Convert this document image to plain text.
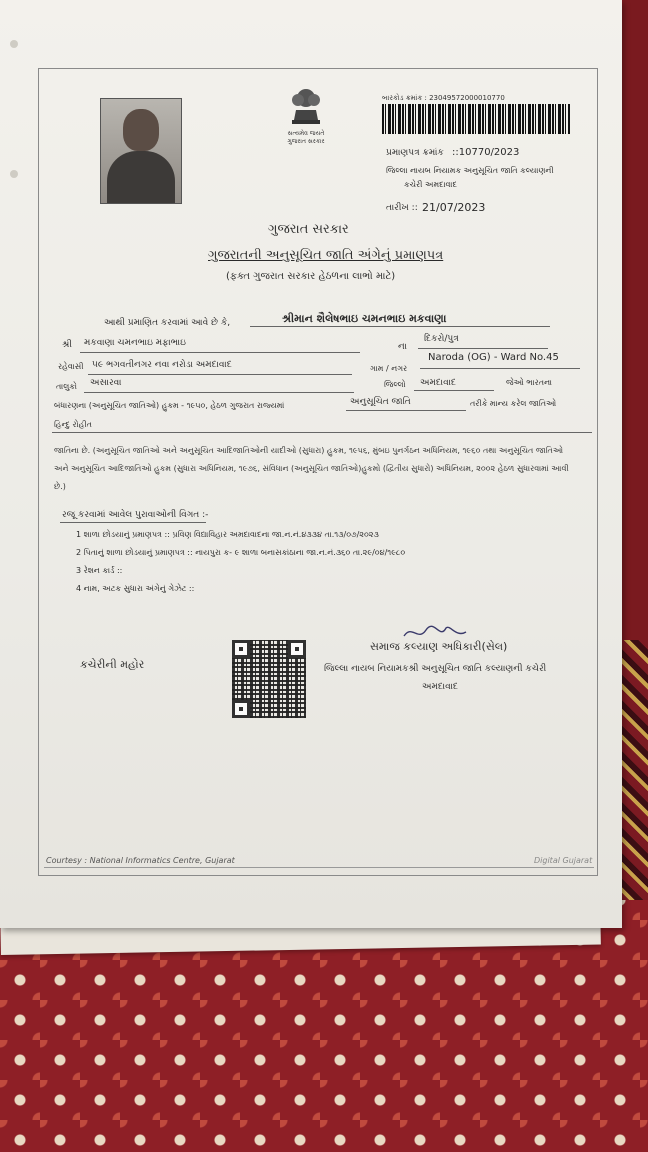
સત્યમેવ જયતે
ગુજરાત સરકાર
બારકોડ ક્રમાંક : 23049572000010770
પ્રમાણપત્ર ક્રમાંક ::10770/2023
જિલ્લા નાયબ નિયામક અનુસૂચિત જાતિ કલ્યાણની
કચેરી અમદાવાદ
તારીખ :: 21/07/2023
ગુજરાત સરકાર
ગુજરાતની અનુસૂચિત જાતિ અંગેનું પ્રમાણપત્ર
(ફક્ત ગુજરાત સરકાર હેઠળના લાભો માટે)
આથી પ્રમાણિત કરવામાં આવે છે કે,	શ્રીમાન શૈલેષભાઇ ચમનભાઇ મકવાણા
શ્રી મકવાણા ચમનભાઇ મફાભાઇ	ના
દિકરો/પુત્ર
રહેવાસી ૫૯ ભગવતીનગર નવા નરોડા અમદાવાદ	ગામ / નગર
Naroda (OG) - Ward No.45
તાલુકો અસારવા	જિલ્લો અમદાવાદ	જેઓ ભારતના
બંધારણના (અનુસૂચિત જાતિઓ) હુકમ - ૧૯૫૦, હેઠળ ગુજરાત રાજ્યમાં	અનુસૂચિત જાતિ	તરીકે માન્ય કરેલ જાતિઓ
હિન્દુ રોહીત
જાતિના છે. (અનુસૂચિત જાતિઓ અને અનુસૂચિત આદિજાતિઓની યાદીઓ (સુધારા) હુકમ, ૧૯૫૬, મુંબઇ પુનર્ગઠન અધિનિયમ, ૧૯૬૦ તથા અનુસૂચિત જાતિઓ અને અનુસૂચિત આદિજાતિઓ હુકમ (સુધારા અધિનિયમ, ૧૯૭૬, સંવિધાન (અનુસૂચિત જાતિઓ)હુકમો (દ્વિતીય સુધારો) અધિનિયમ, ૨૦૦૨ હેઠળ સુધારવામાં આવી છે.)
રજૂ કરવામાં આવેલ પુરાવાઓની વિગત :-
1 શાળા છોડયાનું પ્રમાણપત્ર :: પ્રવિણ વિદ્યાવિહાર અમદાવાદના જા.ન.નં.૪૩૩૪ તા.૧૩/૦૭/૨૦૨૩
2 પિતાનું શાળા છોડયાનું પ્રમાણપત્ર :: નાયપુરા ક- ૯ શાળા બનાસકાંઠાના જા.ન.નં.૩૬૦ તા.૨૯/૦૪/૧૯૮૦
3 રેશન કાર્ડ ::
4 નામ, અટક સુધારા અંગેનું ગેઝેટ ::
કચેરીની મહોર
સમાજ કલ્યાણ અધિકારી(સેલ)
જિલ્લા નાયબ નિયામકશ્રી અનુસૂચિત જાતિ કલ્યાણની કચેરી
અમદાવાદ
Courtesy : National Informatics Centre, Gujarat	Digital Gujarat
